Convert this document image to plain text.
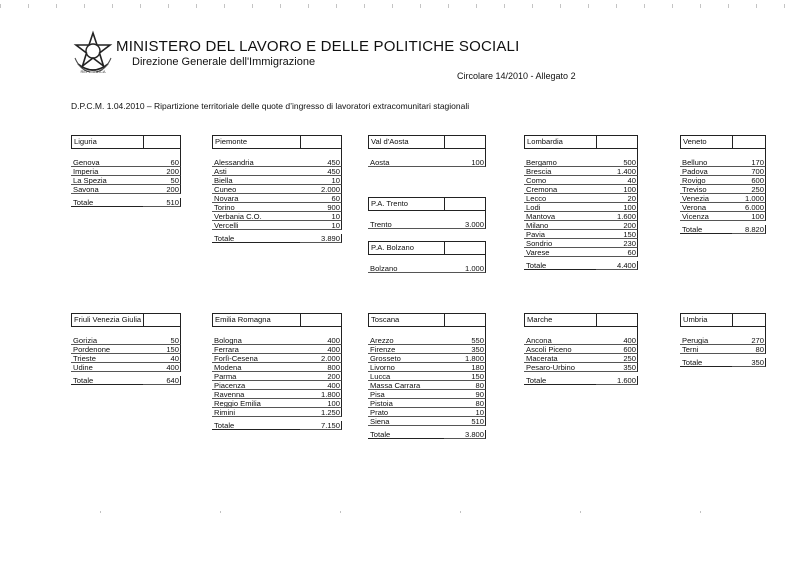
REPVBBLICA
MINISTERO DEL LAVORO E DELLE POLITICHE SOCIALI
Direzione Generale dell'Immigrazione
Circolare 14/2010 - Allegato 2
D.P.C.M. 1.04.2010 – Ripartizione territoriale delle quote d’ingresso di lavoratori extracomunitari stagionali
Liguria
Genova	60
Imperia	200
La Spezia	50
Savona	200
Totale	510
Piemonte
Alessandria	450
Asti	450
Biella	10
Cuneo	2.000
Novara	60
Torino	900
Verbania C.O.	10
Vercelli	10
Totale	3.890
Val d'Aosta
Aosta	100
P.A. Trento
Trento	3.000
P.A. Bolzano
Bolzano	1.000
Lombardia
Bergamo	500
Brescia	1.400
Como	40
Cremona	100
Lecco	20
Lodi	100
Mantova	1.600
Milano	200
Pavia	150
Sondrio	230
Varese	60
Totale	4.400
Veneto
Belluno	170
Padova	700
Rovigo	600
Treviso	250
Venezia	1.000
Verona	6.000
Vicenza	100
Totale	8.820
Friuli Venezia Giulia
Gorizia	50
Pordenone	150
Trieste	40
Udine	400
Totale	640
Emilia Romagna
Bologna	400
Ferrara	400
Forlì-Cesena	2.000
Modena	800
Parma	200
Piacenza	400
Ravenna	1.800
Reggio Emilia	100
Rimini	1.250
Totale	7.150
Toscana
Arezzo	550
Firenze	350
Grosseto	1.800
Livorno	180
Lucca	150
Massa Carrara	80
Pisa	90
Pistoia	80
Prato	10
Siena	510
Totale	3.800
Marche
Ancona	400
Ascoli Piceno	600
Macerata	250
Pesaro-Urbino	350
Totale	1.600
Umbria
Perugia	270
Terni	80
Totale	350
